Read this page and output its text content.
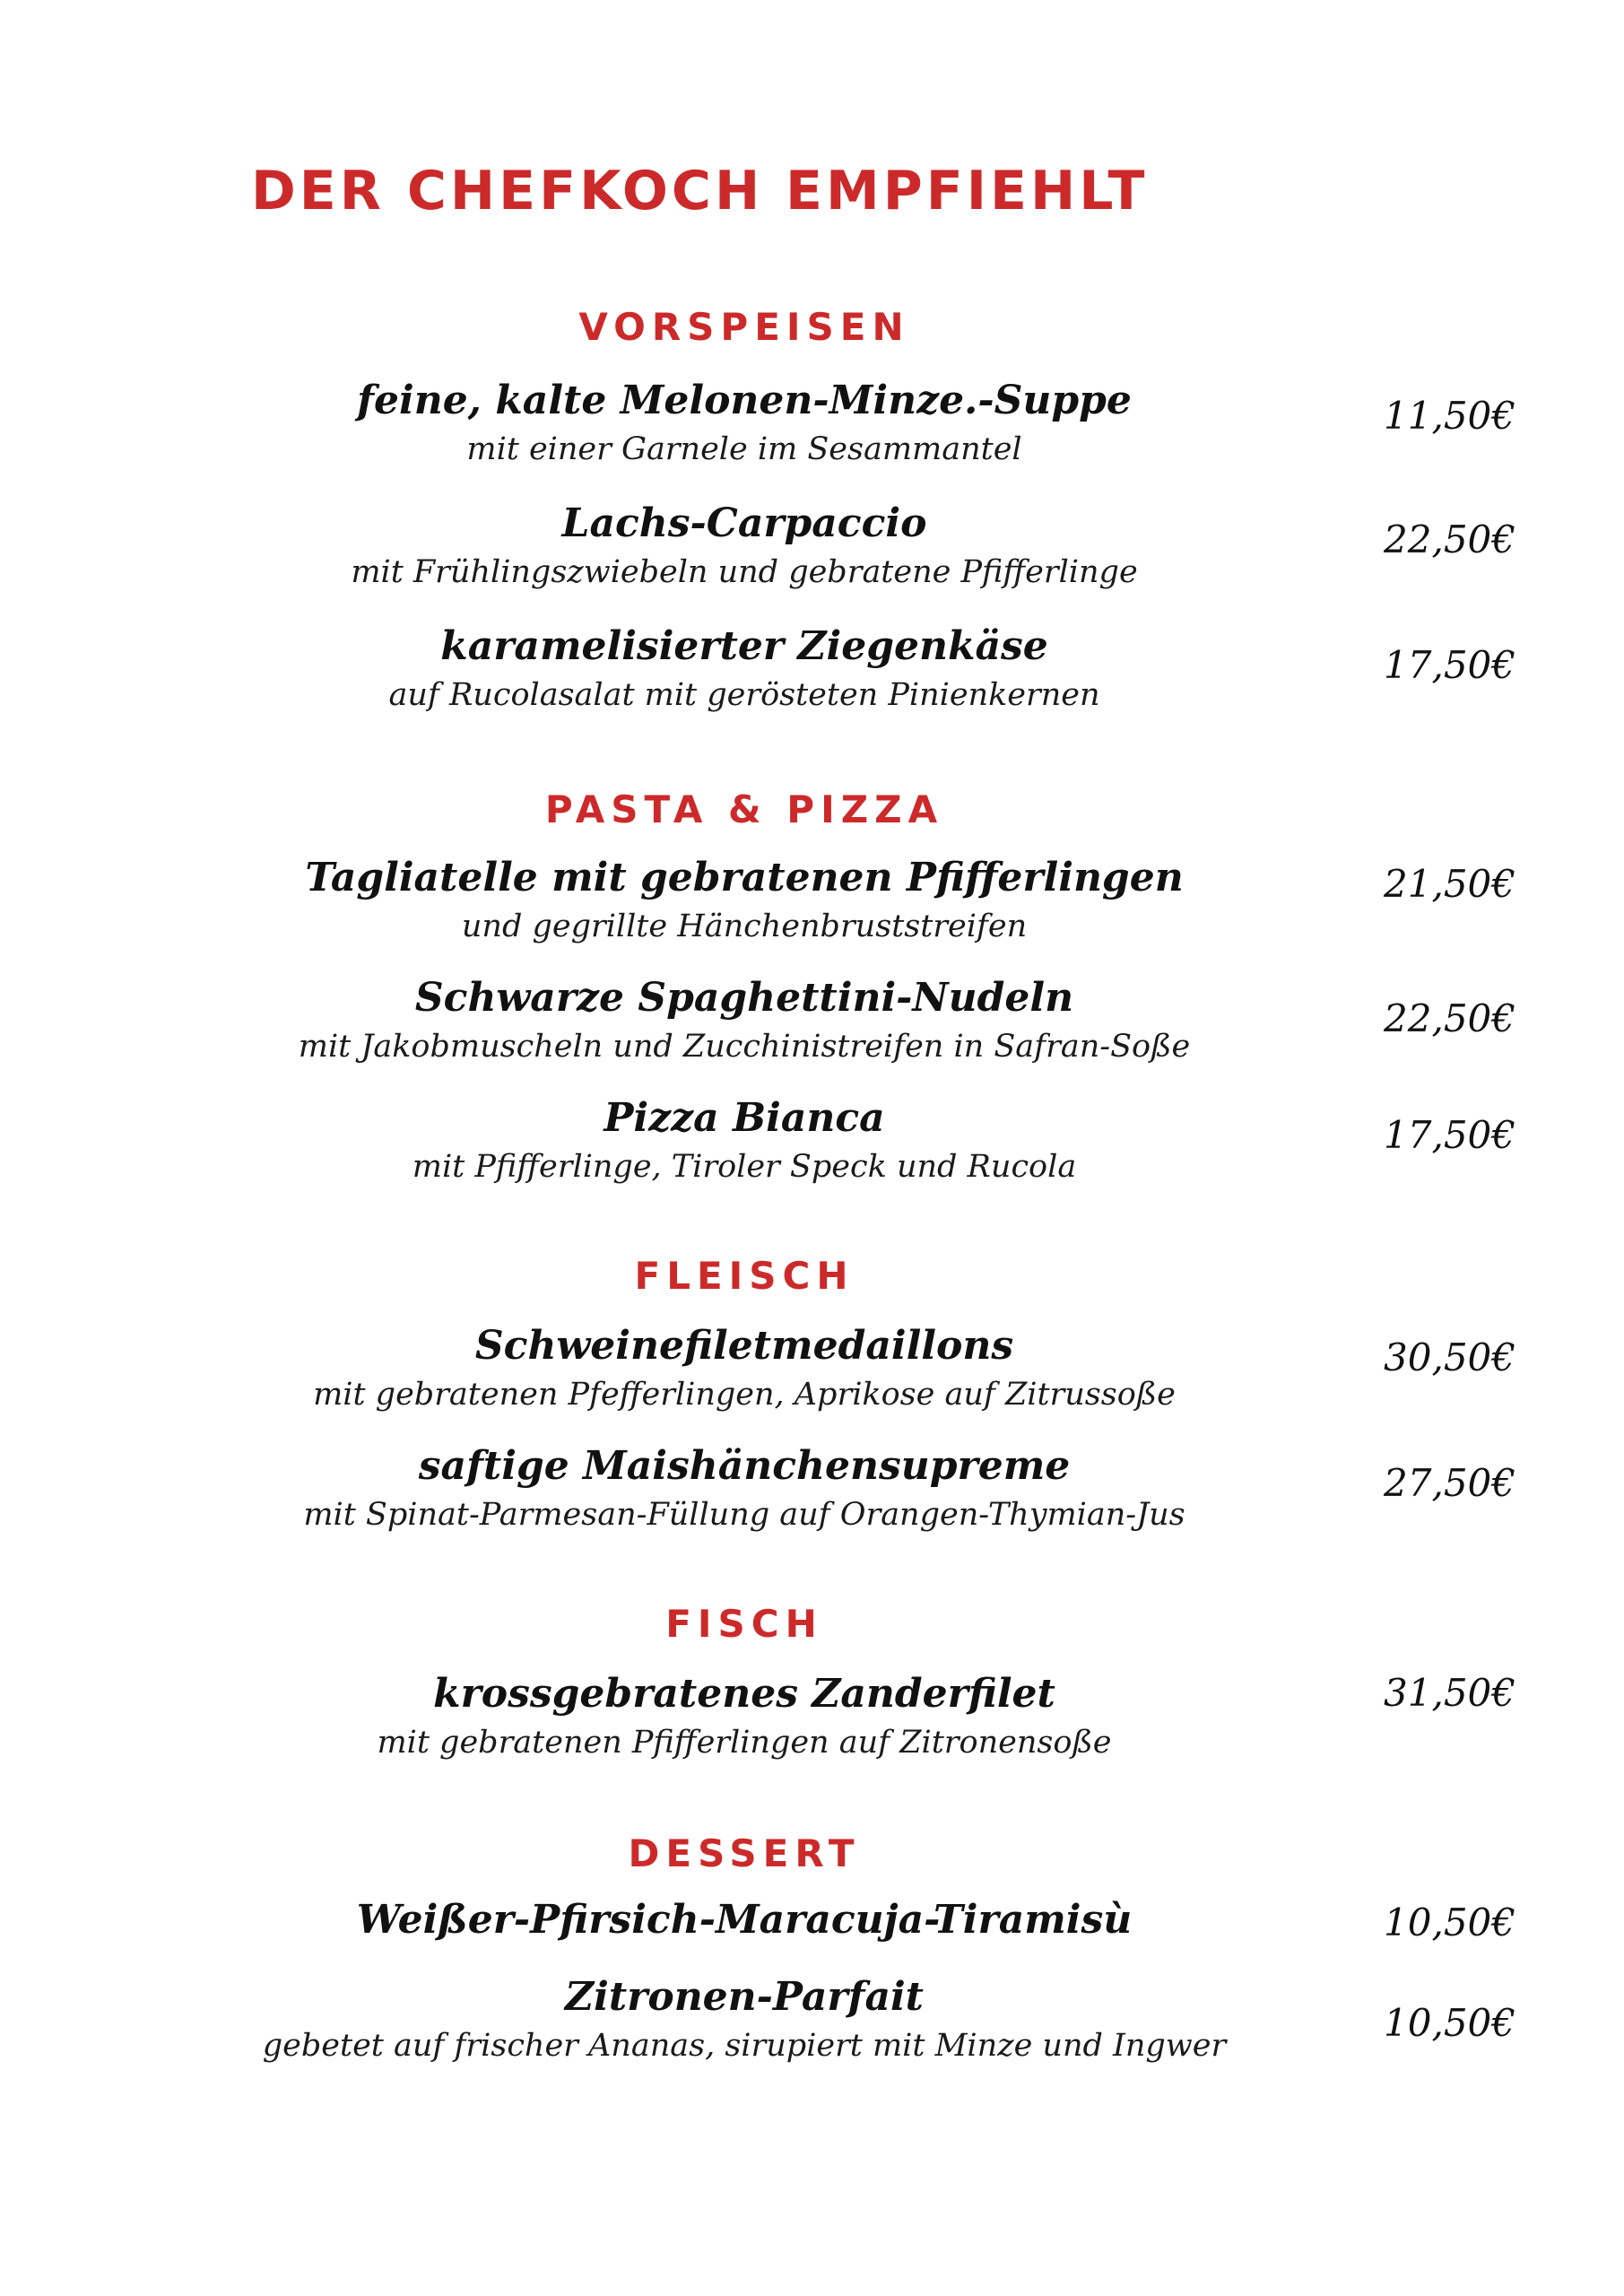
DER CHEFKOCH EMPFIEHLT
VORSPEISEN
feine, kalte Melonen-Minze.-Suppe
mit einer Garnele im Sesammantel
11,50€
Lachs-Carpaccio
mit Frühlingszwiebeln und gebratene Pfifferlinge
22,50€
karamelisierter Ziegenkäse
auf Rucolasalat mit gerösteten Pinienkernen
17,50€
PASTA & PIZZA
Tagliatelle mit gebratenen Pfifferlingen
und gegrillte Hänchenbruststreifen
21,50€
Schwarze Spaghettini-Nudeln
mit Jakobmuscheln und Zucchinistreifen in Safran-Soße
22,50€
Pizza Bianca
mit Pfifferlinge, Tiroler Speck und Rucola
17,50€
FLEISCH
Schweinefiletmedaillons
mit gebratenen Pfefferlingen, Aprikose auf Zitrussoße
30,50€
saftige Maishänchensupreme
mit Spinat-Parmesan-Füllung auf Orangen-Thymian-Jus
27,50€
FISCH
krossgebratenes Zanderfilet
mit gebratenen Pfifferlingen auf Zitronensoße
31,50€
DESSERT
Weißer-Pfirsich-Maracuja-Tiramisù	10,50€
Zitronen-Parfait
gebetet auf frischer Ananas, sirupiert mit Minze und Ingwer
10,50€
